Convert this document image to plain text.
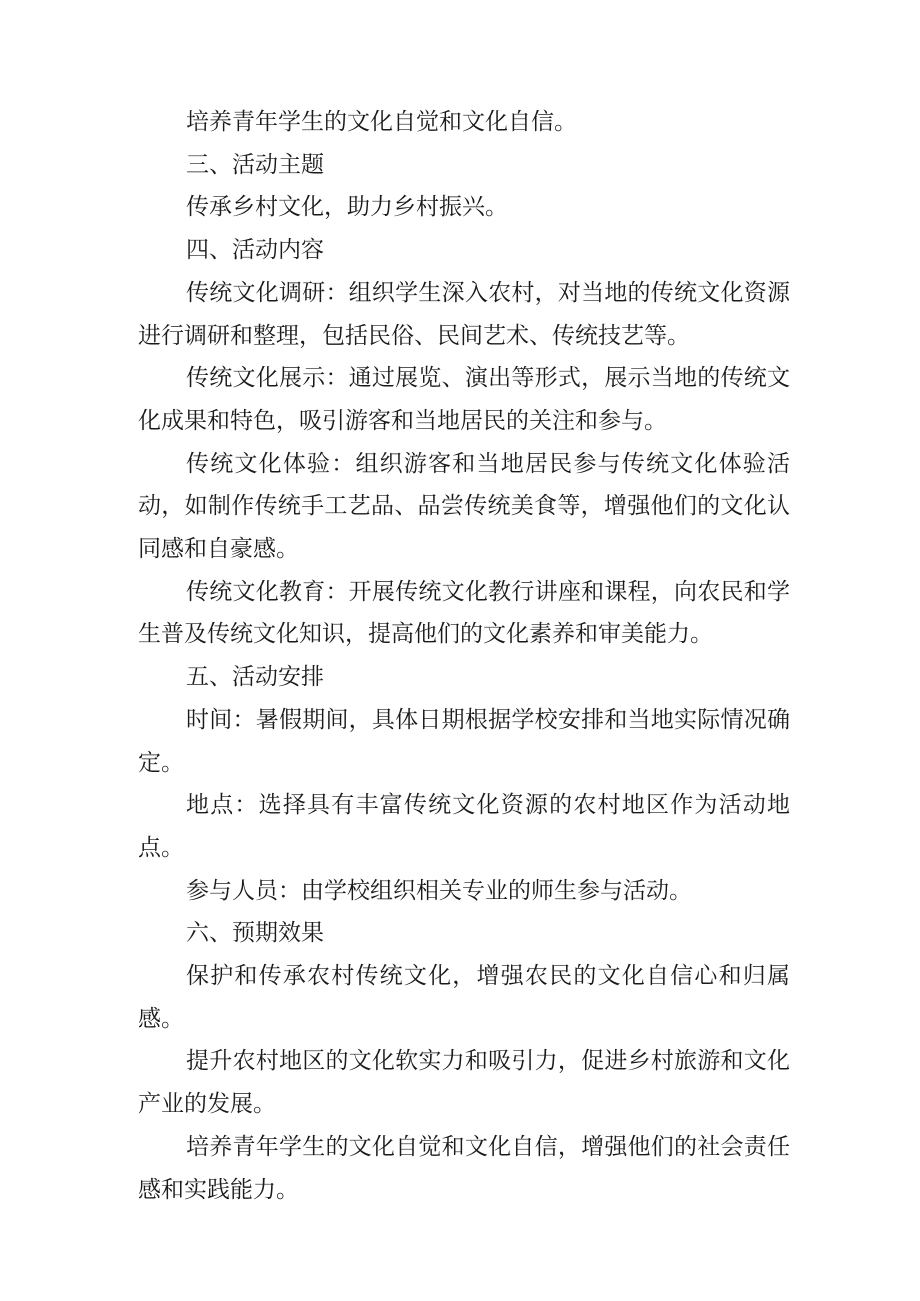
培养青年学生的文化自觉和文化自信。

三、活动主题

传承乡村文化，助力乡村振兴。

四、活动内容

传统文化调研：组织学生深入农村，对当地的传统文化资源进行调研和整理，包括民俗、民间艺术、传统技艺等。

传统文化展示：通过展览、演出等形式，展示当地的传统文化成果和特色，吸引游客和当地居民的关注和参与。

传统文化体验：组织游客和当地居民参与传统文化体验活动，如制作传统手工艺品、品尝传统美食等，增强他们的文化认同感和自豪感。

传统文化教育：开展传统文化教行讲座和课程，向农民和学生普及传统文化知识，提高他们的文化素养和审美能力。

五、活动安排

时间：暑假期间，具体日期根据学校安排和当地实际情况确定。

地点：选择具有丰富传统文化资源的农村地区作为活动地点。

参与人员：由学校组织相关专业的师生参与活动。

六、预期效果

保护和传承农村传统文化，增强农民的文化自信心和归属感。

提升农村地区的文化软实力和吸引力，促进乡村旅游和文化产业的发展。

培养青年学生的文化自觉和文化自信，增强他们的社会责任感和实践能力。
